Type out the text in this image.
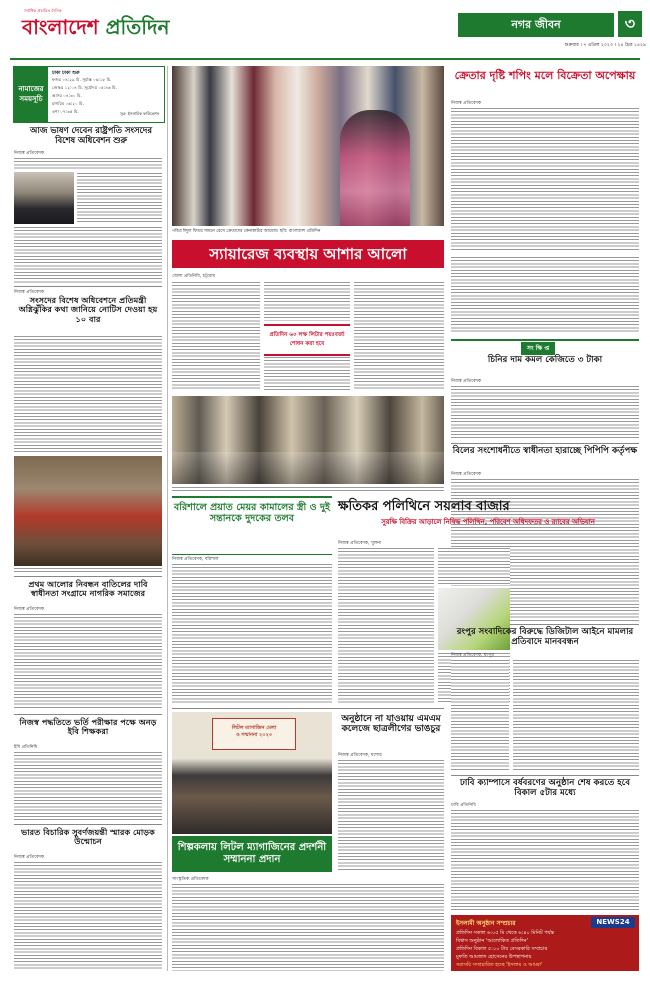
সর্বাধিক প্রচারিত দৈনিক
বাংলাদেশ প্রতিদিন	নগর জীবন	৩
শুক্রবার । ৭ এপ্রিল ২০২৩ । ২৪ চৈত্র ১৪২৯
নামাজের সময়সূচি
ঢাকা ঢাকা শুরু
ফজর ০৪:২৯ মি. সূর্যাস্ত ০৬:১৮ মি.
জোহর ১২:০৪ মি. সূর্যোদয় ০৫:৪৬ মি.
আসর ০৪:৩০ মি.
মাগরিব ০৬:২০ মি.
এশা ০৭:৩৫ মি.	সূত্র: ইসলামিক ফাউন্ডেশন
আজ ভাষণ দেবেন রাষ্ট্রপতি সংসদের বিশেষ অধিবেশন শুরু
নিজস্ব প্রতিবেদক
নিজস্ব প্রতিবেদক
সংসদের বিশেষ অধিবেশনে প্রতিমন্ত্রী অগ্নিঝুঁকির কথা জানিয়ে নোটিস দেওয়া হয় ১০ বার
প্রথম আলোর নিবন্ধন বাতিলের দাবি স্বাধীনতা সংগ্রামে নাগরিক সমাজের
নিজস্ব প্রতিবেদক
নিজস্ব পদ্ধতিতে ভর্তি পরীক্ষার পক্ষে অনড় ইবি শিক্ষকরা
ইবি প্রতিনিধি
ভারত বিচারিক সুবর্ণজয়ন্তী স্মারক মোড়ক উন্মোচন
নিজস্ব প্রতিবেদক
পবিত্র ঈদুল ফিতর সামনে রেখে ক্রেতাদের কেনাকাটার আমেজ। ছবি: বাংলাদেশ প্রতিদিন
ক্রেতার দৃষ্টি শপিং মলে বিক্রেতা অপেক্ষায়
নিজস্ব প্রতিবেদক
স্যায়ারেজ ব্যবস্থায় আশার আলো
জেলা প্রতিনিধি, চট্টগ্রাম
প্রতিদিন ৬০ লক্ষ লিটার পয়ঃবর্জ্য শোধন করা হবে
সং ক্ষি প্ত
চিনির দাম কমল কেজিতে ৩ টাকা
নিজস্ব প্রতিবেদক
বিলের সংশোধনীতে স্বাধীনতা হারাচ্ছে পিপিপি কর্তৃপক্ষ
নিজস্ব প্রতিবেদক
বরিশালে প্রয়াত মেয়র কামালের স্ত্রী ও দুই সন্তানকে দুদকের তলব
নিজস্ব প্রতিবেদক, বরিশাল
ক্ষতিকর পলিথিনে সয়লাব বাজার
সুরক্ষি বিক্রির আড়ালে নিষিদ্ধ পলিথিন, পরিবেশ অধিদফতর ও র‍্যাবের অভিযান
নিজস্ব প্রতিবেদক, খুলনা
রংপুর সংবাদিকের বিরুদ্ধে ডিজিটাল আইনে মামলার প্রতিবাদে মানববন্ধন
নিজস্ব প্রতিবেদক, রংপুর
ঢাবি ক্যাম্পাসে বর্ষবরণের অনুষ্ঠান শেষ করতে হবে বিকাল ৫টার মধ্যে
ঢাবি প্রতিনিধি
লিটল ম্যাগাজিন মেলা
ও সম্মাননা ২০২৩
শিল্পকলায় লিটল ম্যাগাজিনের প্রদর্শনী সম্মাননা প্রদান
অনুষ্ঠানে না যাওয়ায় এমএম কলেজে ছাত্রলীগের ভাঙচুর
নিজস্ব প্রতিবেদক, যশোর
সাংস্কৃতিক প্রতিবেদক
ইসলামী অনুষ্ঠান সম্প্রচার	NEWS24
প্রতিদিন সকাল ৬:০৫ মি থেকে ৬:৪০ মিনিট পর্যন্ত
বিশ্বাস অনুষ্ঠান 'আলোকিত প্রতিদিন'
প্রতিদিন বিকাল ৫:০০ টায় বেসরকারি সম্প্রচার
মুফতি আমজাদ হোসেনের উপস্থাপনায়
সরাসরি সম্প্রচারিত হচ্ছে 'ইসলাম ও আমরা'
